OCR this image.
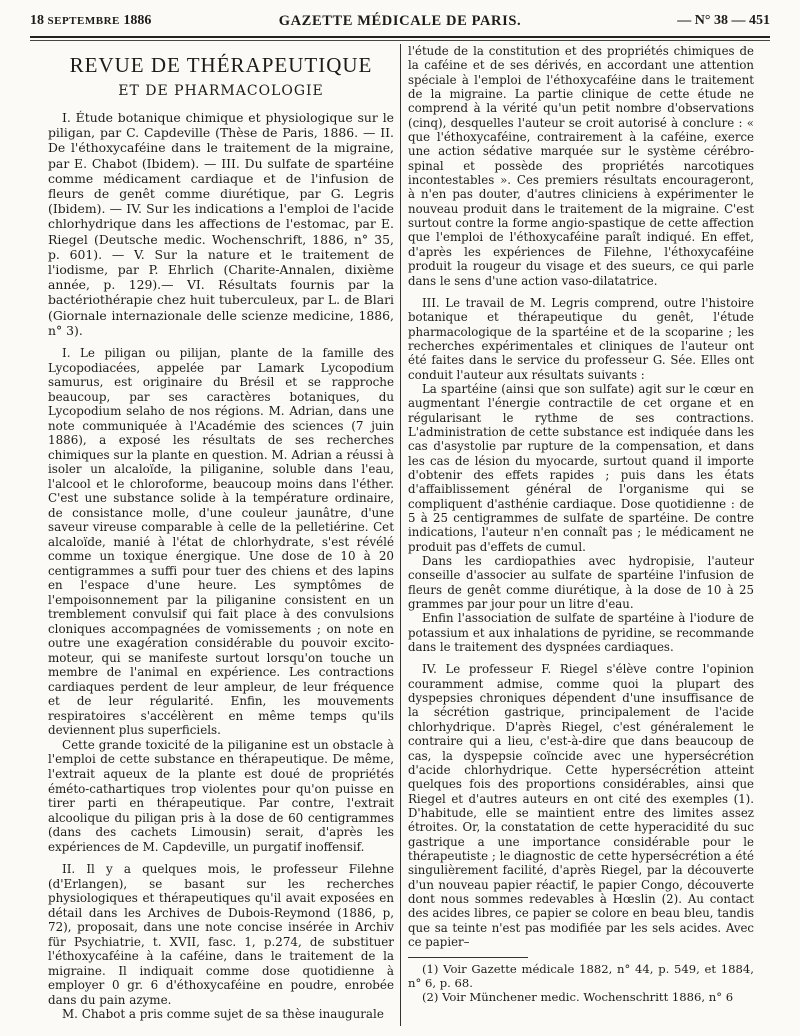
18 SEPTEMBRE 1886	GAZETTE MÉDICALE DE PARIS.	— N° 38 — 451
REVUE DE THÉRAPEUTIQUE
ET DE PHARMACOLOGIE

I. Étude botanique chimique et physiologique sur le piligan, par C. Capdeville (Thèse de Paris, 1886. — II. De l'éthoxycaféine dans le traitement de la migraine, par E. Chabot (Ibidem). — III. Du sulfate de spartéine comme médicament cardiaque et de l'infusion de fleurs de genêt comme diurétique, par G. Legris (Ibidem). — IV. Sur les indications a l'emploi de l'acide chlorhydrique dans les affections de l'estomac, par E. Riegel (Deutsche medic. Wochenschrift, 1886, n° 35, p. 601). — V. Sur la nature et le traitement de l'iodisme, par P. Ehrlich (Charite-Annalen, dixième année, p. 129).— VI. Résultats fournis par la bactériothérapie chez huit tuberculeux, par L. de Blari (Giornale internazionale delle scienze medicine, 1886, n° 3).

I. Le piligan ou pilijan, plante de la famille des Lycopodiacées, appelée par Lamark Lycopodium samurus, est originaire du Brésil et se rapproche beaucoup, par ses caractères botaniques, du Lycopodium selaho de nos régions. M. Adrian, dans une note communiquée à l'Académie des sciences (7 juin 1886), a exposé les résultats de ses recherches chimiques sur la plante en question. M. Adrian a réussi à isoler un alcaloïde, la piliganine, soluble dans l'eau, l'alcool et le chloroforme, beaucoup moins dans l'éther. C'est une substance solide à la température ordinaire, de consistance molle, d'une couleur jaunâtre, d'une saveur vireuse comparable à celle de la pelletiérine. Cet alcaloïde, manié à l'état de chlorhydrate, s'est révélé comme un toxique énergique. Une dose de 10 à 20 centigrammes a suffi pour tuer des chiens et des lapins en l'espace d'une heure. Les symptômes de l'empoisonnement par la piliganine consistent en un tremblement convulsif qui fait place à des convulsions cloniques accompagnées de vomissements ; on note en outre une exagération considérable du pouvoir excito-moteur, qui se manifeste surtout lorsqu'on touche un membre de l'animal en expérience. Les contractions cardiaques perdent de leur ampleur, de leur fréquence et de leur régularité. Enfin, les mouvements respiratoires s'accélèrent en même temps qu'ils deviennent plus superficiels.

Cette grande toxicité de la piliganine est un obstacle à l'emploi de cette substance en thérapeutique. De même, l'extrait aqueux de la plante est doué de propriétés éméto-cathartiques trop violentes pour qu'on puisse en tirer parti en thérapeutique. Par contre, l'extrait alcoolique du piligan pris à la dose de 60 centigrammes (dans des cachets Limousin) serait, d'après les expériences de M. Capdeville, un purgatif inoffensif.

II. Il y a quelques mois, le professeur Filehne (d'Erlangen), se basant sur les recherches physiologiques et thérapeutiques qu'il avait exposées en détail dans les Archives de Dubois-Reymond (1886, p, 72), proposait, dans une note concise insérée in Archiv für Psychiatrie, t. XVII, fasc. 1, p.274, de substituer l'éthoxycaféine à la caféine, dans le traitement de la migraine. Il indiquait comme dose quotidienne à employer 0 gr. 6 d'éthoxycaféine en poudre, enrobée dans du pain azyme.

M. Chabot a pris comme sujet de sa thèse inaugurale

l'étude de la constitution et des propriétés chimiques de la caféine et de ses dérivés, en accordant une attention spéciale à l'emploi de l'éthoxycaféine dans le traitement de la migraine. La partie clinique de cette étude ne comprend à la vérité qu'un petit nombre d'observations (cinq), desquelles l'auteur se croit autorisé à conclure : « que l'éthoxycaféine, contrairement à la caféine, exerce une action sédative marquée sur le système cérébro-spinal et possède des propriétés narcotiques incontestables ». Ces premiers résultats encourageront, à n'en pas douter, d'autres cliniciens à expérimenter le nouveau produit dans le traitement de la migraine. C'est surtout contre la forme angio-spastique de cette affection que l'emploi de l'éthoxycaféine paraît indiqué. En effet, d'après les expériences de Filehne, l'éthoxycaféine produit la rougeur du visage et des sueurs, ce qui parle dans le sens d'une action vaso-dilatatrice.

III. Le travail de M. Legris comprend, outre l'histoire botanique et thérapeutique du genêt, l'étude pharmacologique de la spartéine et de la scoparine ; les recherches expérimentales et cliniques de l'auteur ont été faites dans le service du professeur G. Sée. Elles ont conduit l'auteur aux résultats suivants :

La spartéine (ainsi que son sulfate) agit sur le cœur en augmentant l'énergie contractile de cet organe et en régularisant le rythme de ses contractions. L'administration de cette substance est indiquée dans les cas d'asystolie par rupture de la compensation, et dans les cas de lésion du myocarde, surtout quand il importe d'obtenir des effets rapides ; puis dans les états d'affaiblissement général de l'organisme qui se compliquent d'asthénie cardiaque. Dose quotidienne : de 5 à 25 centigrammes de sulfate de spartéine. De contre indications, l'auteur n'en connaît pas ; le médicament ne produit pas d'effets de cumul.

Dans les cardiopathies avec hydropisie, l'auteur conseille d'associer au sulfate de spartéine l'infusion de fleurs de genêt comme diurétique, à la dose de 10 à 25 grammes par jour pour un litre d'eau.

Enfin l'association de sulfate de spartéine à l'iodure de potassium et aux inhalations de pyridine, se recommande dans le traitement des dyspnées cardiaques.

IV. Le professeur F. Riegel s'élève contre l'opinion couramment admise, comme quoi la plupart des dyspepsies chroniques dépendent d'une insuffisance de la sécrétion gastrique, principalement de l'acide chlorhydrique. D'après Riegel, c'est généralement le contraire qui a lieu, c'est-à-dire que dans beaucoup de cas, la dyspepsie coïncide avec une hypersécrétion d'acide chlorhydrique. Cette hypersécrétion atteint quelques fois des proportions considérables, ainsi que Riegel et d'autres auteurs en ont cité des exemples (1). D'habitude, elle se maintient entre des limites assez étroites. Or, la constatation de cette hyperacidité du suc gastrique a une importance considérable pour le thérapeutiste ; le diagnostic de cette hypersécrétion a été singulièrement facilité, d'après Riegel, par la découverte d'un nouveau papier réactif, le papier Congo, découverte dont nous sommes redevables à Hœslin (2). Au contact des acides libres, ce papier se colore en beau bleu, tandis que sa teinte n'est pas modifiée par les sels acides. Avec ce papier–

(1) Voir Gazette médicale 1882, n° 44, p. 549, et 1884, n° 6, p. 68.

(2) Voir Münchener medic. Wochenschritt 1886, n° 6
